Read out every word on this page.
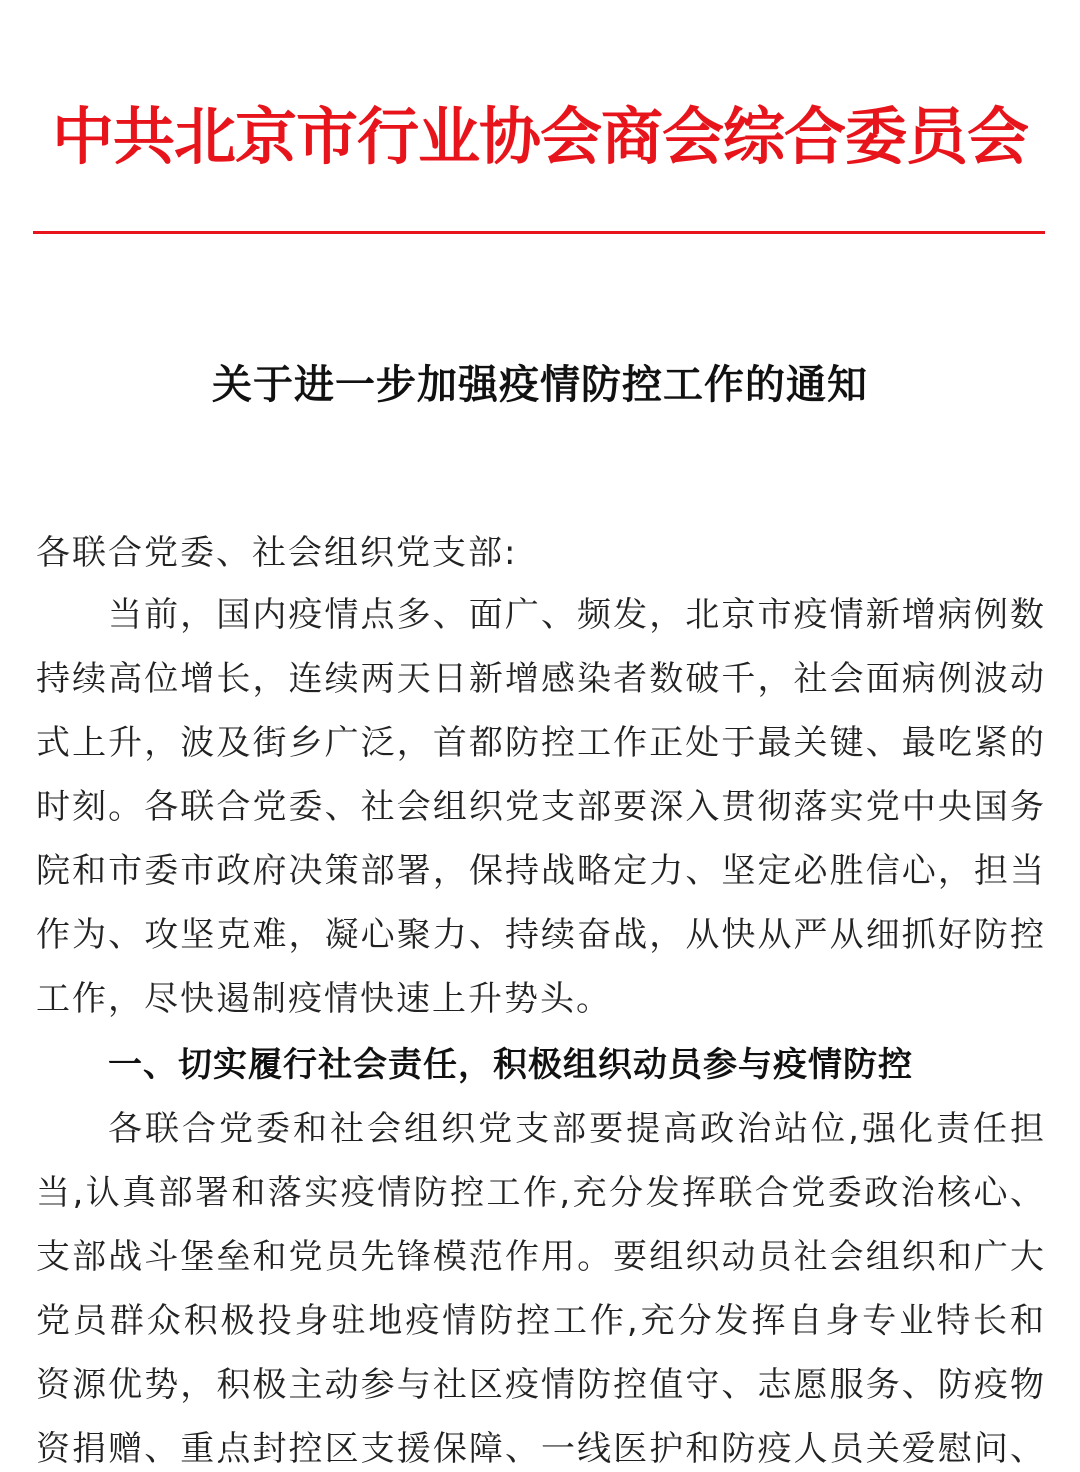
中共北京市行业协会商会综合委员会
关于进一步加强疫情防控工作的通知
各联合党委、社会组织党支部:
当前，国内疫情点多、面广、频发，北京市疫情新增病例数
持续高位增长，连续两天日新增感染者数破千，社会面病例波动
式上升，波及街乡广泛，首都防控工作正处于最关键、最吃紧的
时刻。各联合党委、社会组织党支部要深入贯彻落实党中央国务
院和市委市政府决策部署，保持战略定力、坚定必胜信心，担当
作为、攻坚克难，凝心聚力、持续奋战，从快从严从细抓好防控
工作，尽快遏制疫情快速上升势头。
一、切实履行社会责任，积极组织动员参与疫情防控
各联合党委和社会组织党支部要提高政治站位,强化责任担
当,认真部署和落实疫情防控工作,充分发挥联合党委政治核心、
支部战斗堡垒和党员先锋模范作用。要组织动员社会组织和广大
党员群众积极投身驻地疫情防控工作,充分发挥自身专业特长和
资源优势，积极主动参与社区疫情防控值守、志愿服务、防疫物
资捐赠、重点封控区支援保障、一线医护和防疫人员关爱慰问、
